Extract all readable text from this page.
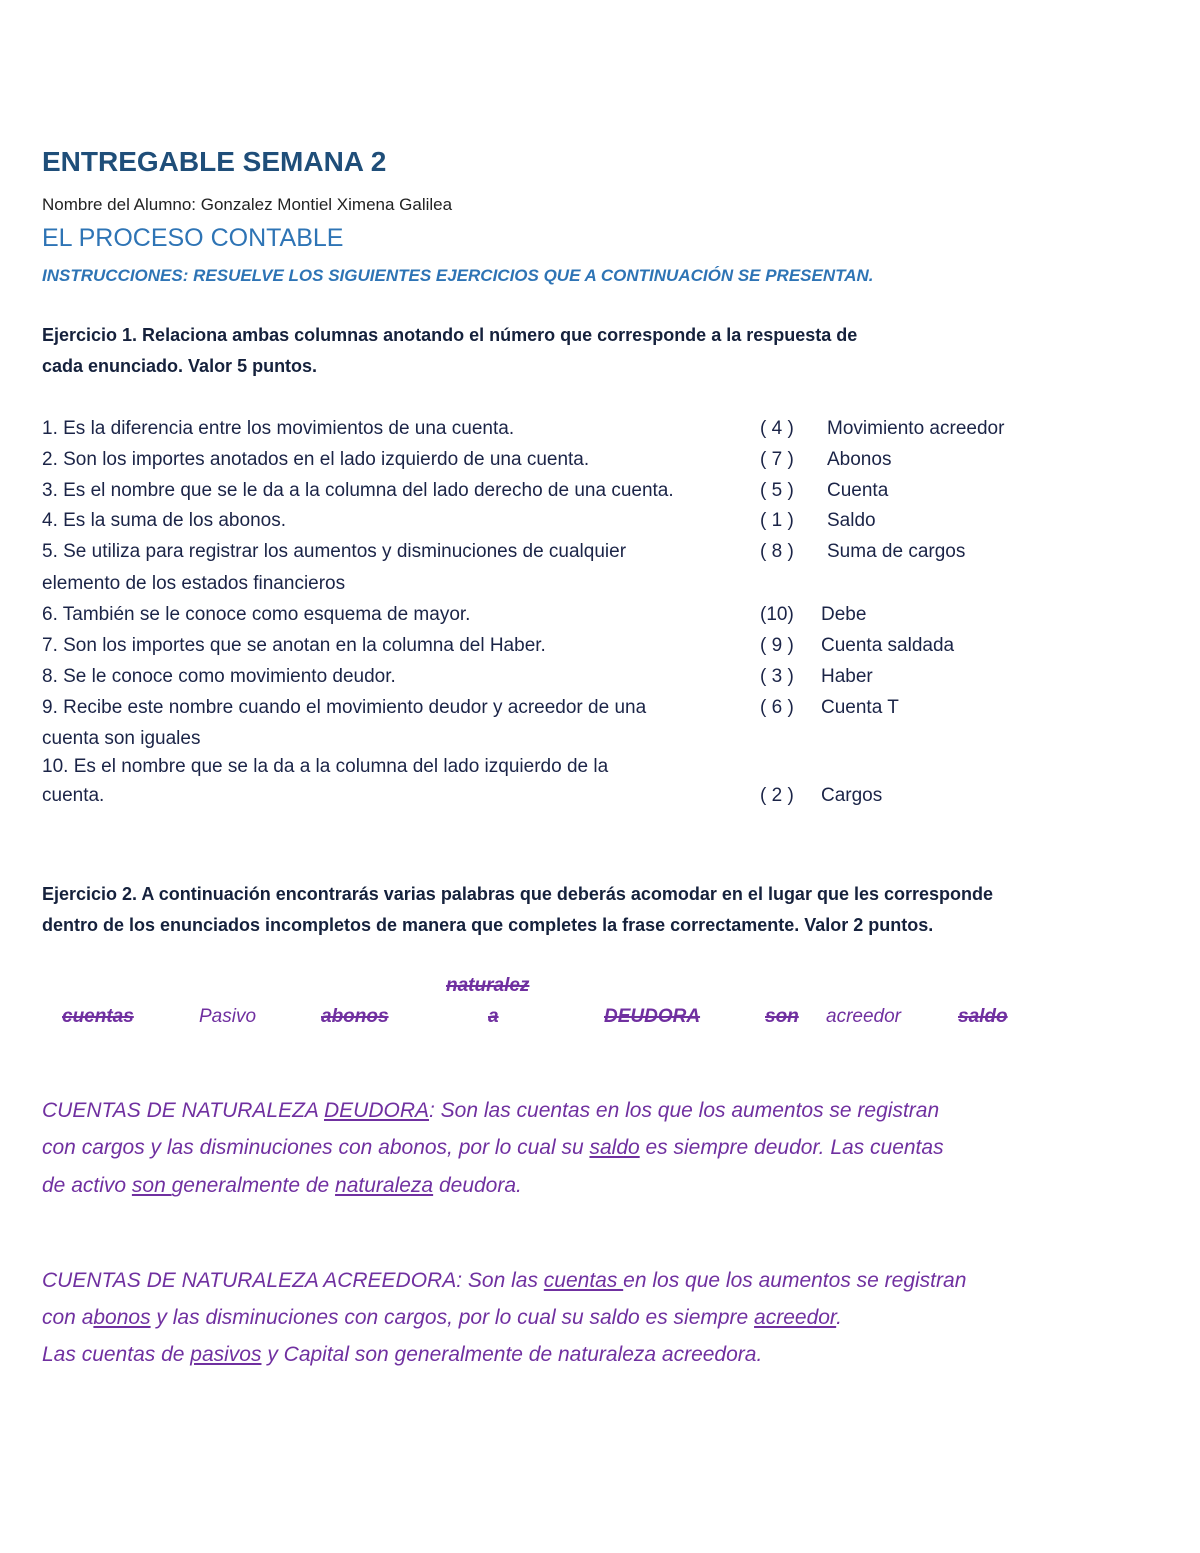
ENTREGABLE SEMANA 2
Nombre del Alumno: Gonzalez Montiel Ximena Galilea
EL PROCESO CONTABLE
INSTRUCCIONES: RESUELVE LOS SIGUIENTES EJERCICIOS QUE A CONTINUACIÓN SE PRESENTAN.
Ejercicio 1. Relaciona ambas columnas anotando el número que corresponde a la respuesta de
cada enunciado. Valor 5 puntos.
1. Es la diferencia entre los movimientos de una cuenta.	( 4 ) Movimiento acreedor
2. Son los importes anotados en el lado izquierdo de una cuenta.	( 7 ) Abonos
3. Es el nombre que se le da a la columna del lado derecho de una cuenta.	( 5 ) Cuenta
4. Es la suma de los abonos.	( 1 ) Saldo
5. Se utiliza para registrar los aumentos y disminuciones de cualquier
elemento de los estados financieros
( 8 ) Suma de cargos
6. También se le conoce como esquema de mayor.	(10) Debe
7. Son los importes que se anotan en la columna del Haber.	( 9 ) Cuenta saldada
8. Se le conoce como movimiento deudor.	( 3 ) Haber
9. Recibe este nombre cuando el movimiento deudor y acreedor de una
cuenta son iguales
( 6 ) Cuenta T
10. Es el nombre que se la da a la columna del lado izquierdo de la
cuenta.	( 2 ) Cargos
Ejercicio 2. A continuación encontrarás varias palabras que deberás acomodar en el lugar que les corresponde
dentro de los enunciados incompletos de manera que completes la frase correctamente. Valor 2 puntos.
cuentas	Pasivo	abonos
naturalez
a	DEUDORA	son acreedor	saldo
CUENTAS DE NATURALEZA DEUDORA: Son las cuentas en los que los aumentos se registran
con cargos y las disminuciones con abonos, por lo cual su saldo es siempre deudor. Las cuentas
de activo son generalmente de naturaleza deudora.
CUENTAS DE NATURALEZA ACREEDORA: Son las cuentas en los que los aumentos se registran
con abonos y las disminuciones con cargos, por lo cual su saldo es siempre acreedor.
Las cuentas de pasivos y Capital son generalmente de naturaleza acreedora.
